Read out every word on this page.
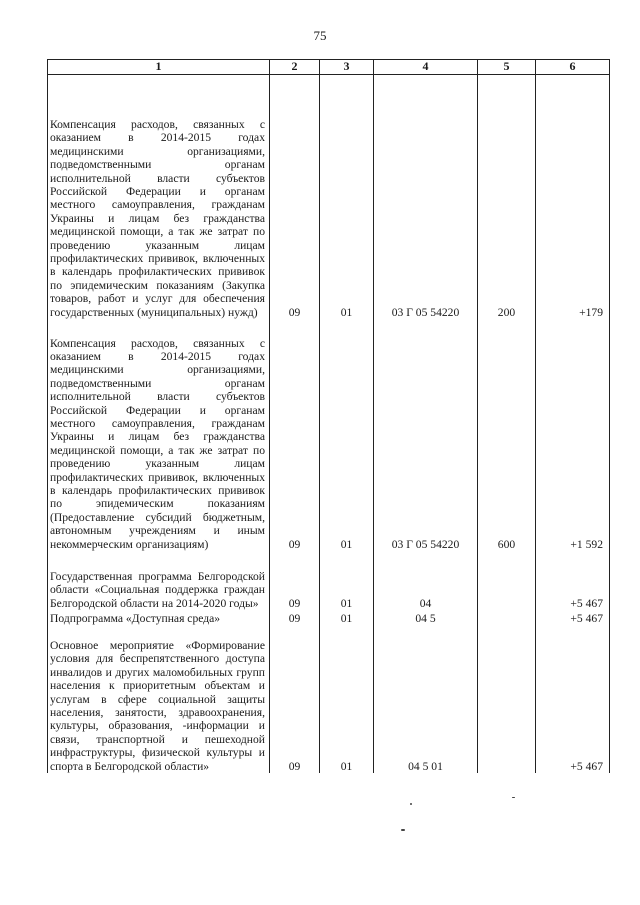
75
1	2	3	4	5	6
Компенсация расходов, связанных с оказанием в 2014-2015 годах медицинскими организациями, подведомственными органам исполнительной власти субъектов Российской Федерации и органам местного самоуправления, гражданам Украины и лицам без гражданства медицинской помощи, а так же затрат по проведению указанным лицам профилактических прививок, включенных в календарь профилактических прививок по эпидемическим показаниям (Закупка товаров, работ и услуг для обеспечения государственных (муниципальных) нужд)	09	01	03 Г 05 54220	200	+179
Компенсация расходов, связанных с оказанием в 2014-2015 годах медицинскими организациями, подведомственными органам исполнительной власти субъектов Российской Федерации и органам местного самоуправления, гражданам Украины и лицам без гражданства медицинской помощи, а так же затрат по проведению указанным лицам профилактических прививок, включенных в календарь профилактических прививок по эпидемическим показаниям (Предоставление субсидий бюджетным, автономным учреждениям и иным некоммерческим организациям)	09	01	03 Г 05 54220	600	+1 592
Государственная программа Белгородской области «Социальная поддержка граждан Белгородской области на 2014-2020 годы»	09	01	04		+5 467
Подпрограмма «Доступная среда»	09	01	04 5		+5 467
Основное мероприятие «Формирование условия для беспрепятственного доступа инвалидов и других маломобильных групп населения к приоритетным объектам и услугам в сфере социальной защиты населения, занятости, здравоохранения, культуры, образования, -информации и связи, транспортной и пешеходной инфраструктуры, физической культуры и спорта в Белгородской области»	09	01	04 5 01		+5 467
